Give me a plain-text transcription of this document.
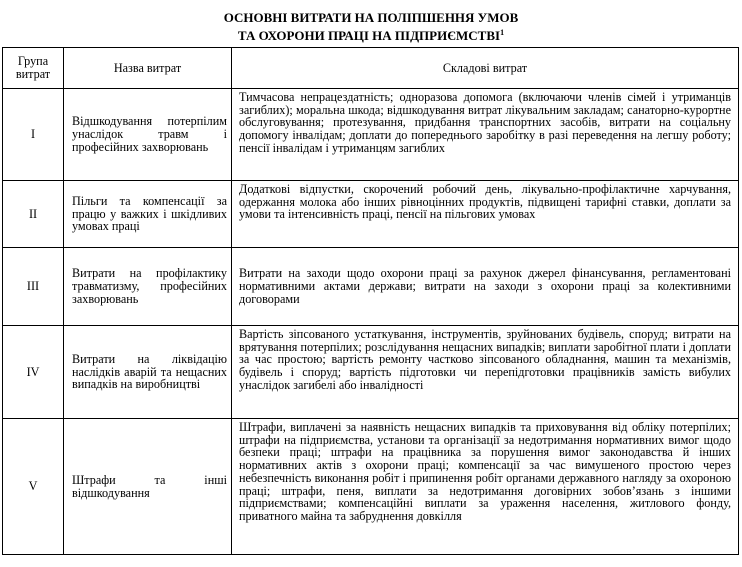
ОСНОВНІ ВИТРАТИ НА ПОЛІПШЕННЯ УМОВ
ТА ОХОРОНИ ПРАЦІ НА ПІДПРИЄМСТВІ$^1$
Група витрат	Назва витрат	Складові витрат
I	Відшкодування потерпілим унаслідок травм і професійних захворювань	Тимчасова непрацездатність; одноразова допомога (включаючи членів сімей і утриманців загиблих); моральна шкода; відшкодування витрат лікувальним закладам; санаторно-курортне обслуговування; протезування, придбання транспортних засобів, витрати на соціальну допомогу інвалідам; доплати до попереднього заробітку в разі переведення на легшу роботу; пенсії інвалідам і утриманцям загиблих
II	Пільги та компенсації за працю у важких і шкідливих умовах праці	Додаткові відпустки, скорочений робочий день, лікувально-профілактичне харчування, одержання молока або інших рівноцінних продуктів, підвищені тарифні ставки, доплати за умови та інтенсивність праці, пенсії на пільгових умовах
III	Витрати на профілактику травматизму, професійних захворювань	Витрати на заходи щодо охорони праці за рахунок джерел фінансування, регламентовані нормативними актами держави; витрати на заходи з охорони праці за колективними договорами
IV	Витрати на ліквідацію наслідків аварій та нещасних випадків на виробництві	Вартість зіпсованого устаткування, інструментів, зруйнованих будівель, споруд; витрати на врятування потерпілих; розслідування нещасних випадків; виплати заробітної плати і доплати за час простою; вартість ремонту частково зіпсованого обладнання, машин та механізмів, будівель і споруд; вартість підготовки чи перепідготовки працівників замість вибулих унаслідок загибелі або інвалідності
V	Штрафи та інші відшкодування	Штрафи, виплачені за наявність нещасних випадків та приховування від обліку потерпілих; штрафи на підприємства, установи та організації за недотримання нормативних вимог щодо безпеки праці; штрафи на працівника за порушення вимог законодавства й інших нормативних актів з охорони праці; компенсації за час вимушеного простою через небезпечність виконання робіт і припинення робіт органами державного нагляду за охороною праці; штрафи, пеня, виплати за недотримання договірних зобов’язань з іншими підприємствами; компенсаційні виплати за ураження населення, житлового фонду, приватного майна та забруднення довкілля
